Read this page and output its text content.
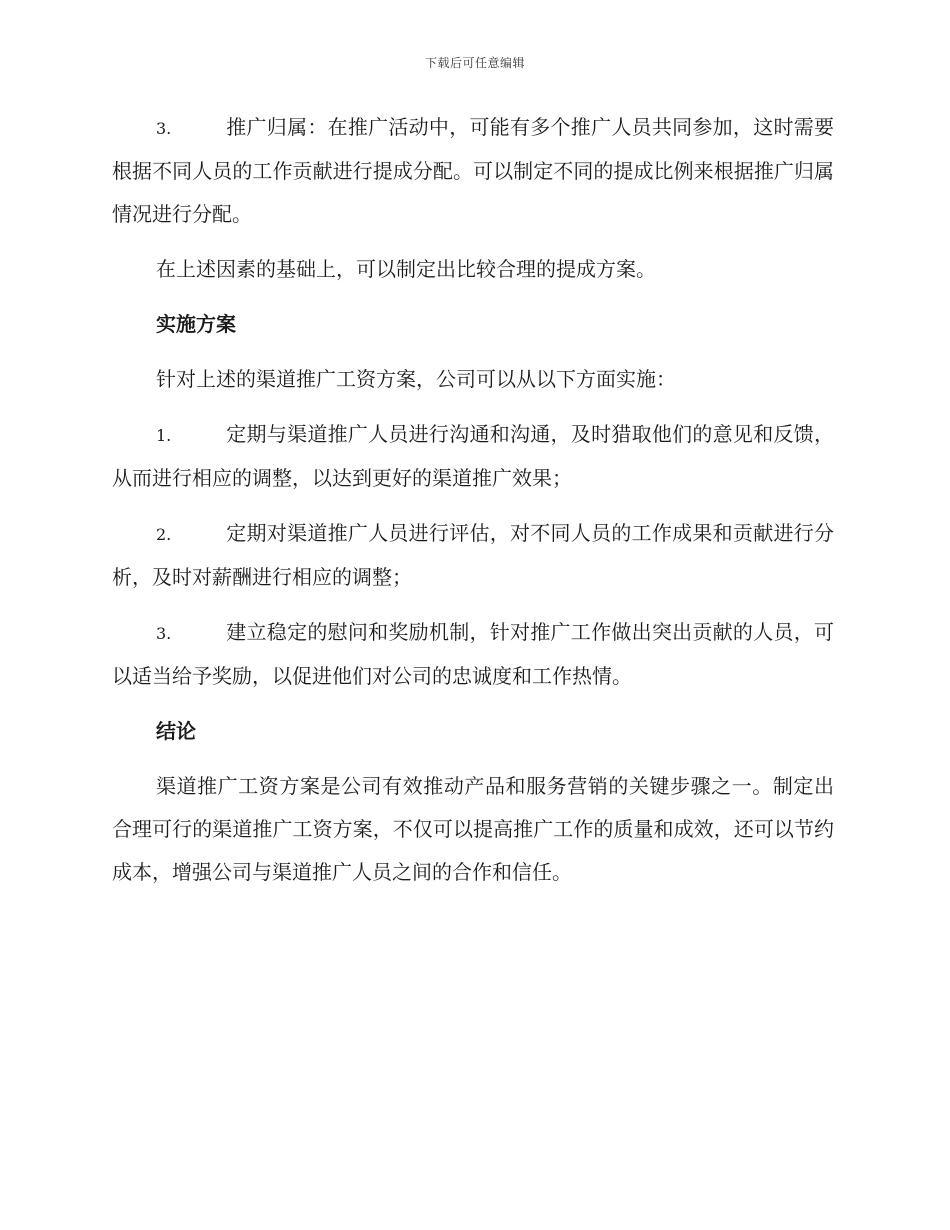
下载后可任意编辑

3.	推广归属：在推广活动中，可能有多个推广人员共同参加，这时需要根据不同人员的工作贡献进行提成分配。可以制定不同的提成比例来根据推广归属情况进行分配。

在上述因素的基础上，可以制定出比较合理的提成方案。

实施方案

针对上述的渠道推广工资方案，公司可以从以下方面实施：

1.	定期与渠道推广人员进行沟通和沟通，及时猎取他们的意见和反馈，从而进行相应的调整，以达到更好的渠道推广效果；

2.	定期对渠道推广人员进行评估，对不同人员的工作成果和贡献进行分析，及时对薪酬进行相应的调整；

3.	建立稳定的慰问和奖励机制，针对推广工作做出突出贡献的人员，可以适当给予奖励，以促进他们对公司的忠诚度和工作热情。

结论

渠道推广工资方案是公司有效推动产品和服务营销的关键步骤之一。制定出合理可行的渠道推广工资方案，不仅可以提高推广工作的质量和成效，还可以节约成本，增强公司与渠道推广人员之间的合作和信任。
